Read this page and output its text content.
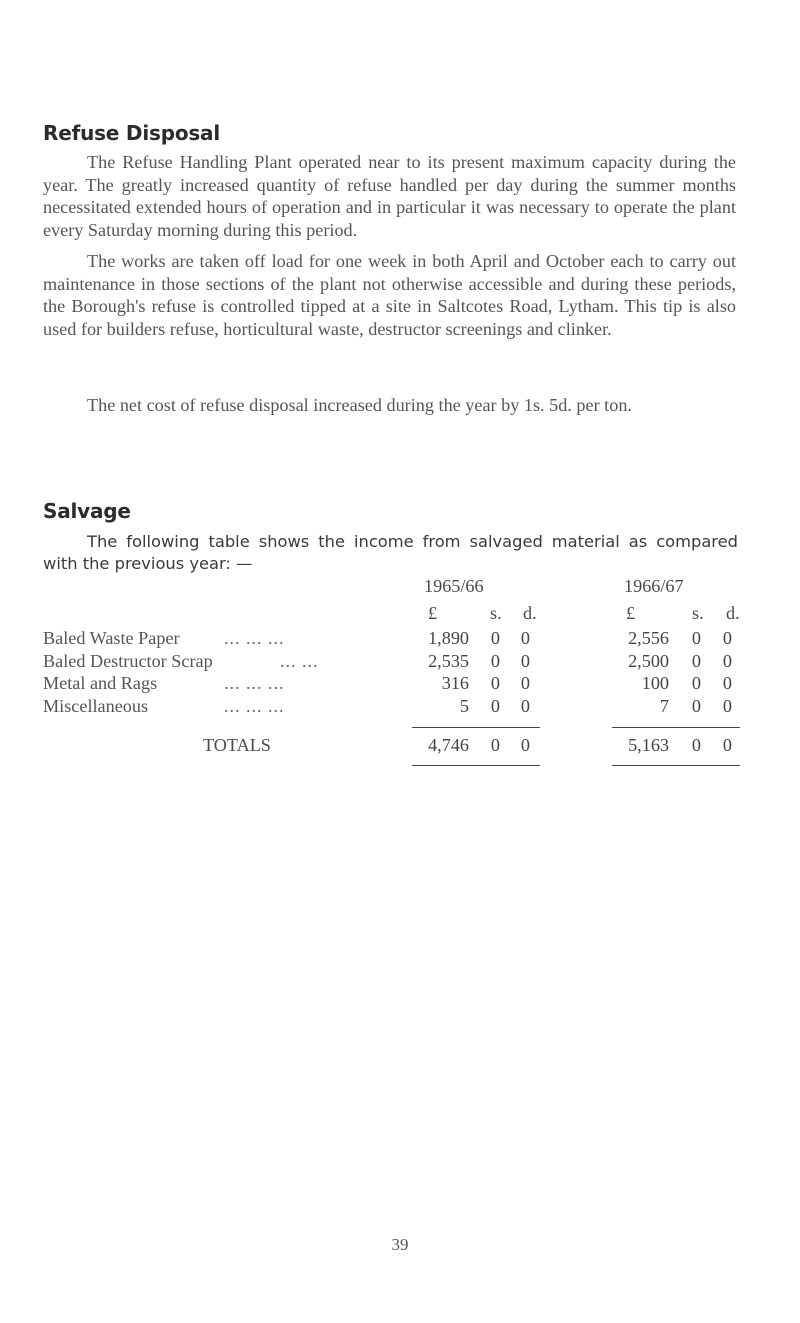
Refuse Disposal

The Refuse Handling Plant operated near to its present maximum capacity during the year. The greatly increased quantity of refuse handled per day during the summer months necessitated extended hours of operation and in particular it was necessary to operate the plant every Saturday morning during this period.

The works are taken off load for one week in both April and October each to carry out maintenance in those sections of the plant not otherwise accessible and during these periods, the Borough's refuse is controlled tipped at a site in Saltcotes Road, Lytham. This tip is also used for builders refuse, horticultural waste, destructor screenings and clinker.

The net cost of refuse disposal increased during the year by 1s. 5d. per ton.

Salvage

The following table shows the income from salvaged material as compared with the previous year: —

1965/66	1966/67
£	s. d.	£	s. d.
Baled Waste Paper ... ... ...	1,890	0	0	2,556	0	0
Baled Destructor Scrap	... ...	2,535	0	0	2,500	0	0
Metal and Rags	... ... ...	316	0	0	100	0	0
Miscellaneous	... ... ...	5	0	0	7	0	0
TOTALS	4,746	0	0	5,163	0	0
39
